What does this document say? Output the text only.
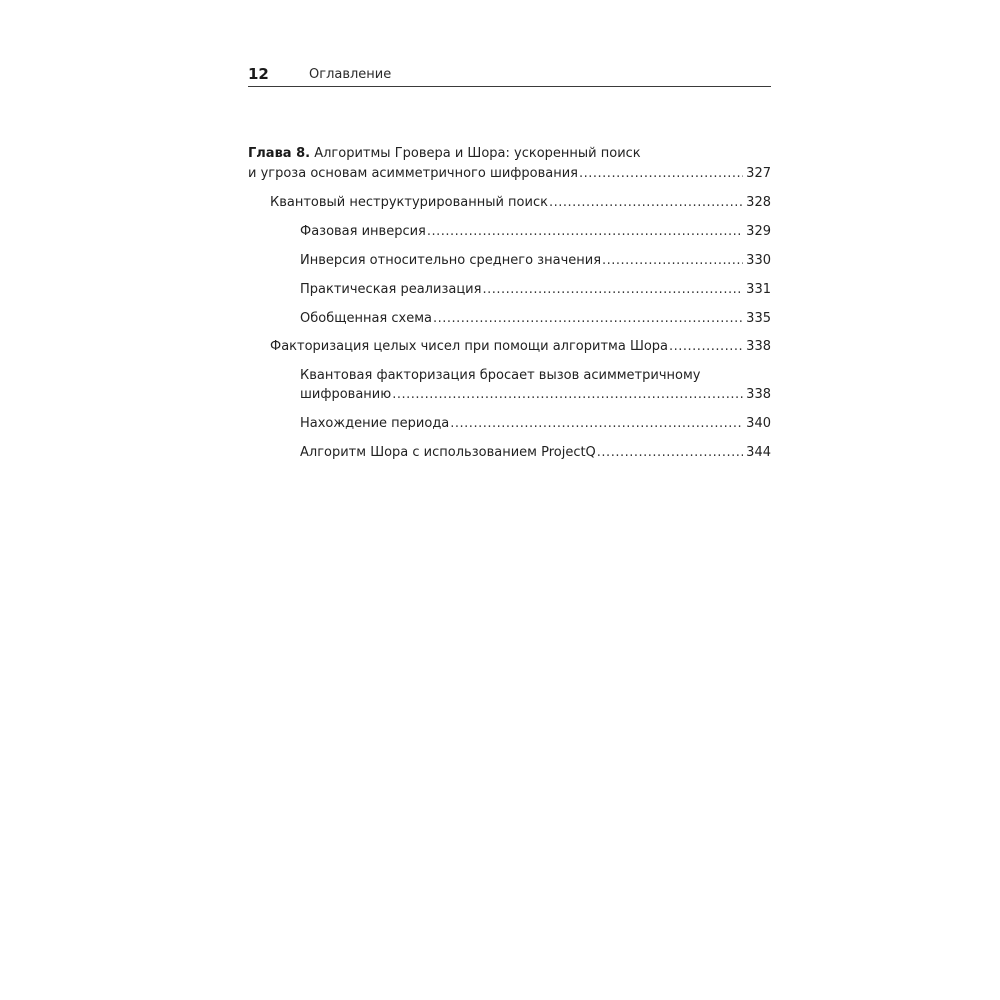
12	Оглавление
Глава 8. Алгоритмы Гровера и Шора: ускоренный поиск
и угроза основам асимметричного шифрования .....	327
Квантовый неструктурированный поиск .....	328
Фазовая инверсия .....	329
Инверсия относительно среднего значения .....	330
Практическая реализация .....	331
Обобщенная схема .....	335
Факторизация целых чисел при помощи алгоритма Шора .....	338
Квантовая факторизация бросает вызов асимметричному
шифрованию .....	338
Нахождение периода .....	340
Алгоритм Шора с использованием ProjectQ .....	344
